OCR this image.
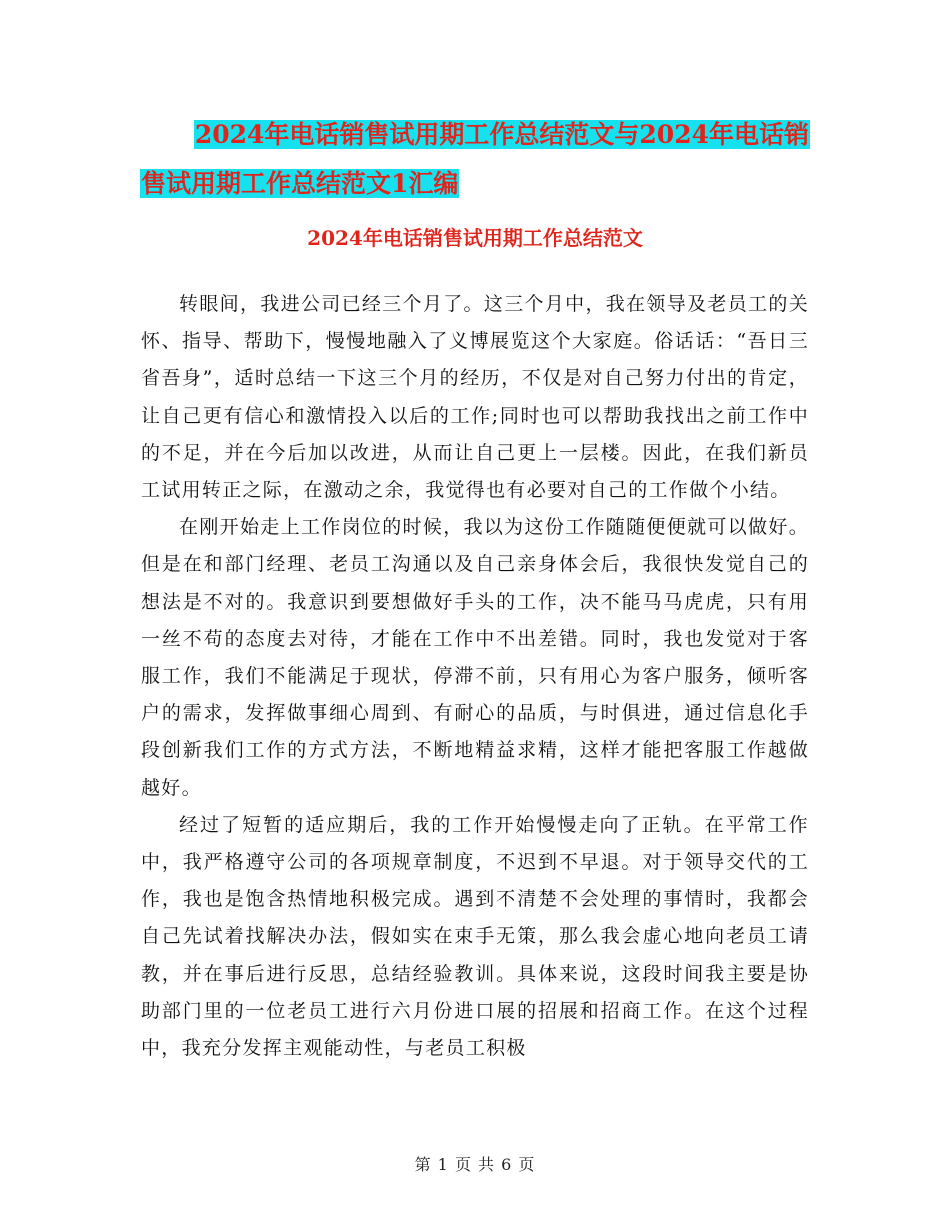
2024年电话销售试用期工作总结范文与2024年电话销
售试用期工作总结范文1汇编
2024年电话销售试用期工作总结范文

转眼间，我进公司已经三个月了。这三个月中，我在领导及老员工的关怀、指导、帮助下，慢慢地融入了义博展览这个大家庭。俗话话：“吾日三省吾身”，适时总结一下这三个月的经历，不仅是对自己努力付出的肯定，让自己更有信心和激情投入以后的工作;同时也可以帮助我找出之前工作中的不足，并在今后加以改进，从而让自己更上一层楼。因此，在我们新员工试用转正之际，在激动之余，我觉得也有必要对自己的工作做个小结。

在刚开始走上工作岗位的时候，我以为这份工作随随便便就可以做好。但是在和部门经理、老员工沟通以及自己亲身体会后，我很快发觉自己的想法是不对的。我意识到要想做好手头的工作，决不能马马虎虎，只有用一丝不苟的态度去对待，才能在工作中不出差错。同时，我也发觉对于客服工作，我们不能满足于现状，停滞不前，只有用心为客户服务，倾听客户的需求，发挥做事细心周到、有耐心的品质，与时俱进，通过信息化手段创新我们工作的方式方法，不断地精益求精，这样才能把客服工作越做越好。

经过了短暂的适应期后，我的工作开始慢慢走向了正轨。在平常工作中，我严格遵守公司的各项规章制度，不迟到不早退。对于领导交代的工作，我也是饱含热情地积极完成。遇到不清楚不会处理的事情时，我都会自己先试着找解决办法，假如实在束手无策，那么我会虚心地向老员工请教，并在事后进行反思，总结经验教训。具体来说，这段时间我主要是协助部门里的一位老员工进行六月份进口展的招展和招商工作。在这个过程中，我充分发挥主观能动性，与老员工积极

第 1 页 共 6 页
